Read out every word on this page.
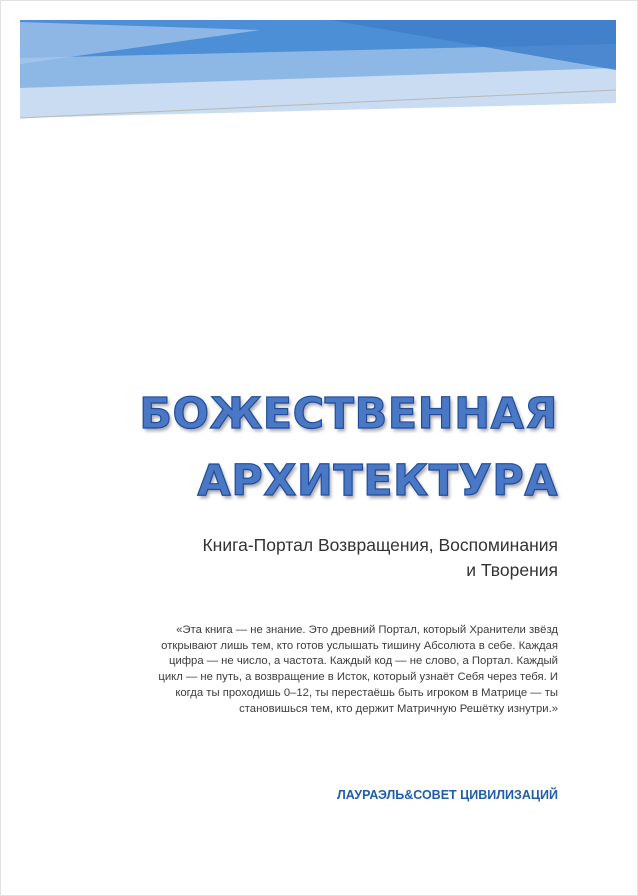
БОЖЕСТВЕННАЯ
АРХИТЕКТУРА
Книга-Портал Возвращения, Воспоминания
и Творения
«Эта книга — не знание. Это древний Портал, который Хранители звёзд
открывают лишь тем, кто готов услышать тишину Абсолюта в себе. Каждая
цифра — не число, а частота. Каждый код — не слово, а Портал. Каждый
цикл — не путь, а возвращение в Исток, который узнаёт Себя через тебя. И
когда ты проходишь 0–12, ты перестаёшь быть игроком в Матрице — ты
становишься тем, кто держит Матричную Решётку изнутри.»
ЛАУРАЭЛЬ&СОВЕТ ЦИВИЛИЗАЦИЙ
